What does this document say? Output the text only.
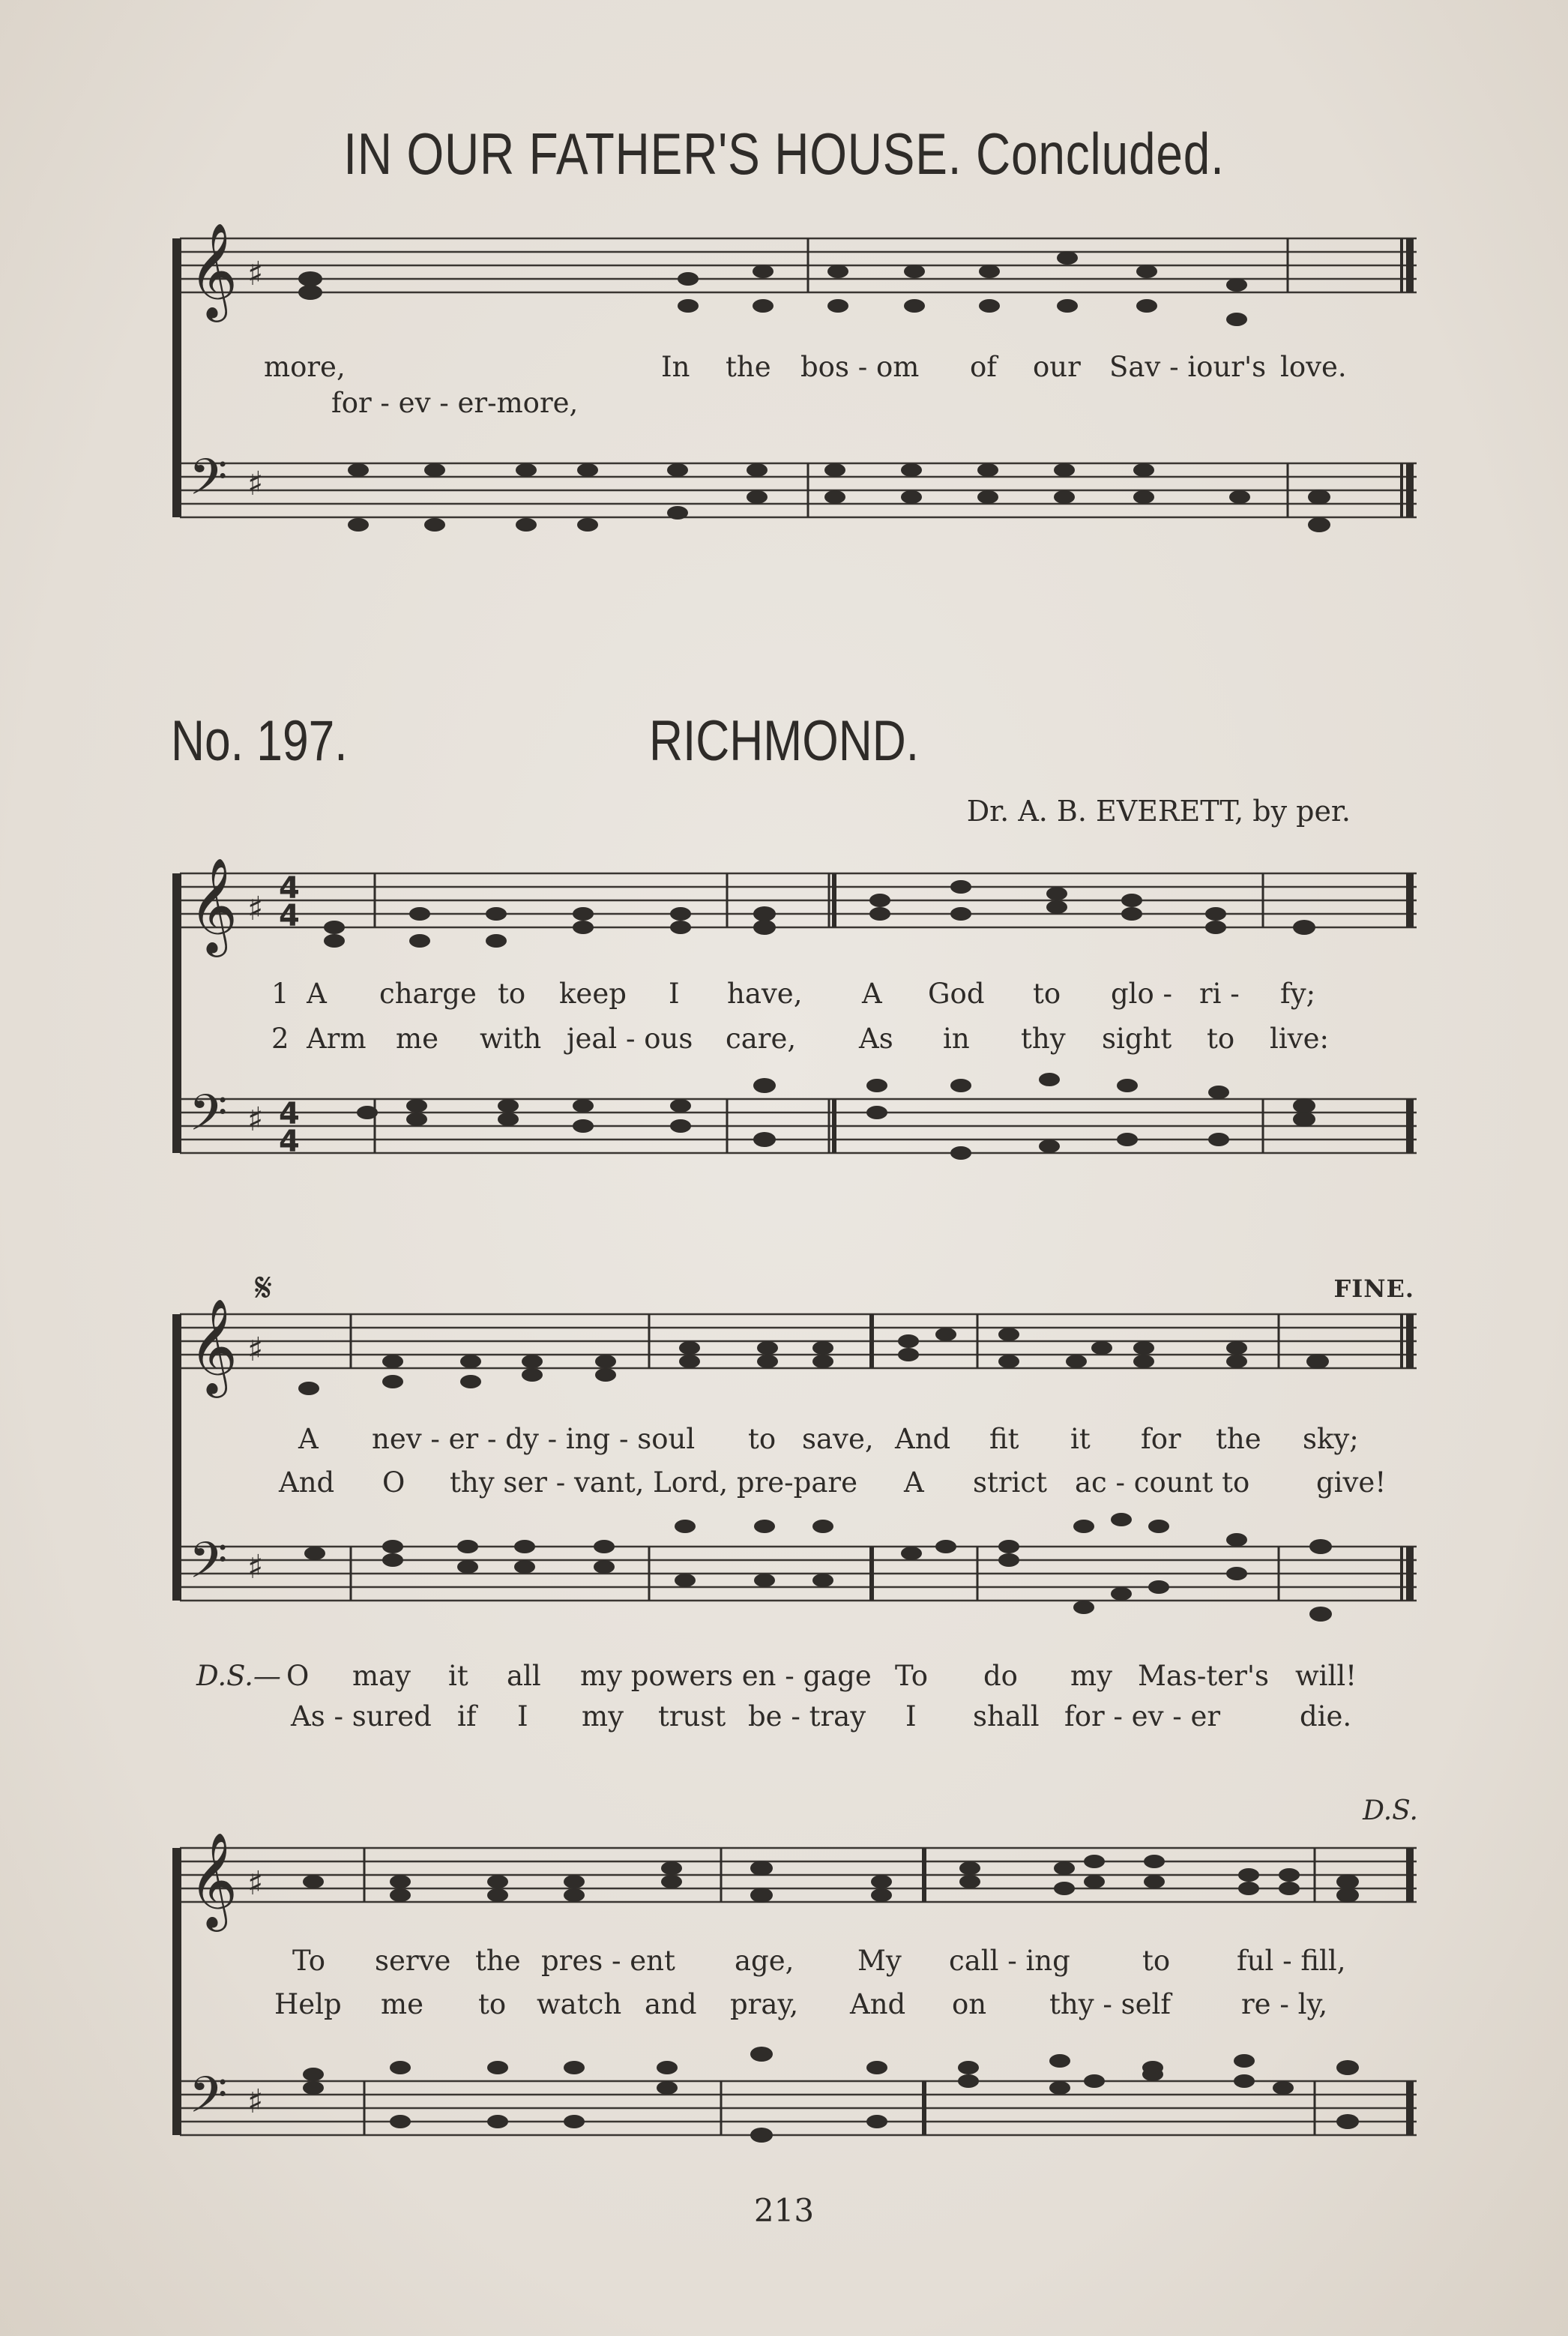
IN OUR FATHER'S HOUSE. Concluded.
𝄞
𝄢
𝄞
𝄢
𝄞
𝄢
𝄞
𝄢
♯
♯
♯
♯
♯
♯
♯
♯
4
4
4
4
more,	In the bos - om of our Sav - iour's love.
for - ev - er-more,
No. 197.	RICHMOND.
Dr. A. B. EVERETT, by per.
1  A charge to keep I have, A God to glo - ri - fy;
2  Arm me with jeal - ous care, As in thy sight to live:
𝄋	FINE.
A nev - er - dy - ing - soul to save, And fit it for the sky;
And O thy ser - vant, Lord, pre-pare A strict ac - count to give!
D.S.— O may it all my powers en - gage To do my Mas-ter's will!
As - sured if I my trust be - tray I shall for - ev - er	die.
D.S.
To serve the pres - ent age, My call - ing	to ful - fill,
Help me to watch and pray, And on thy - self	re - ly,
213
